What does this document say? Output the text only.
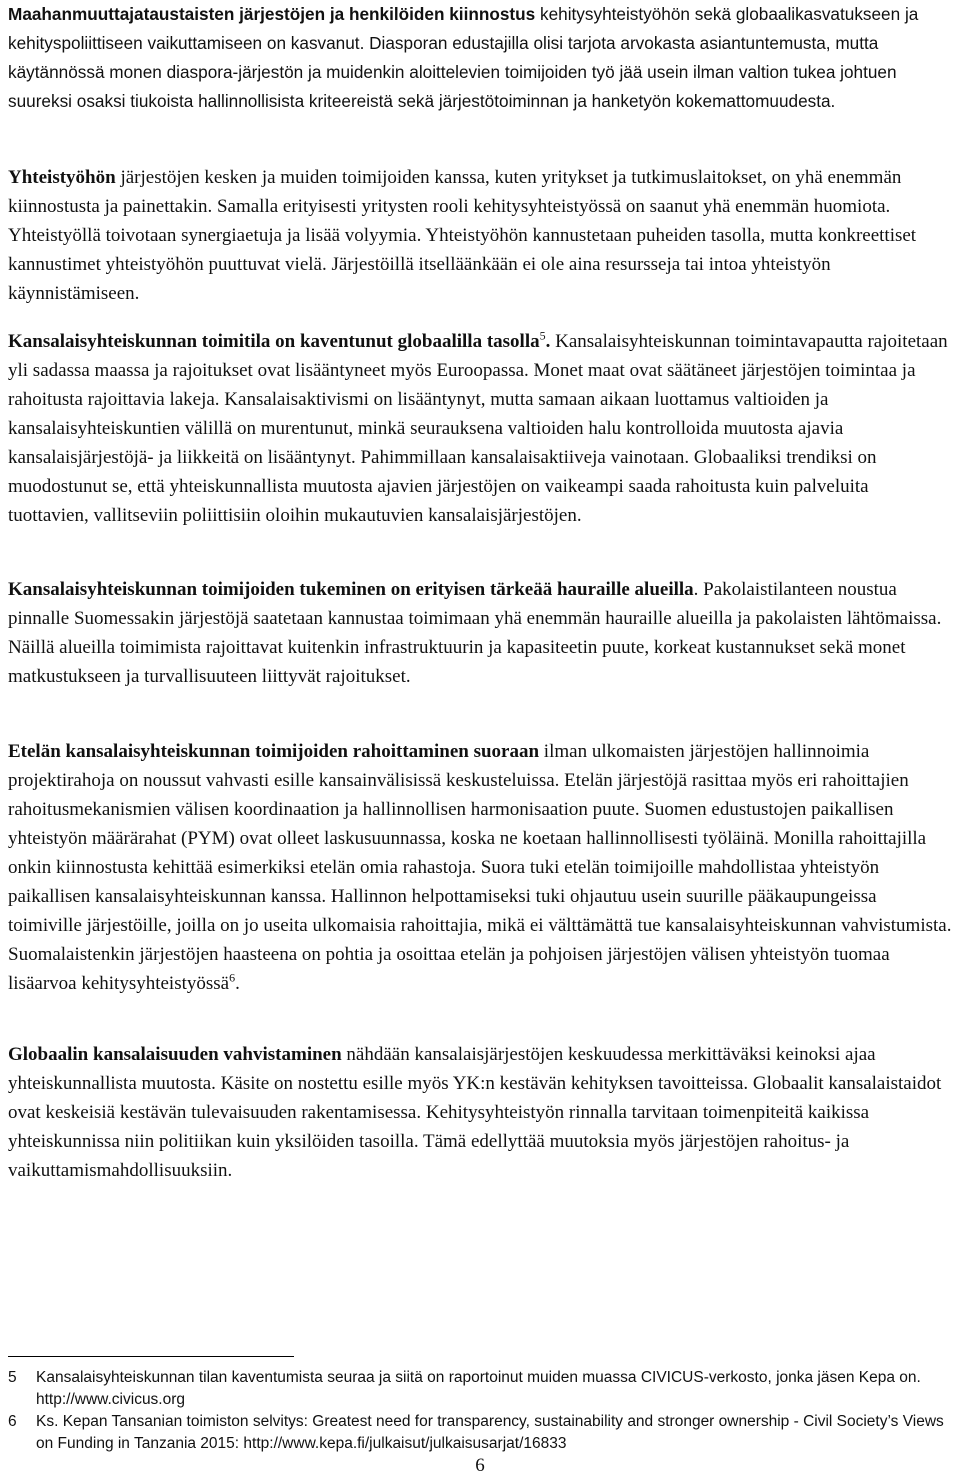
Maahanmuuttajataustaisten järjestöjen ja henkilöiden kiinnostus kehitysyhteistyöhön sekä globaalikasvatukseen ja kehityspoliittiseen vaikuttamiseen on kasvanut. Diasporan edustajilla olisi tarjota arvokasta asiantuntemusta, mutta käytännössä monen diaspora-järjestön ja muidenkin aloittelevien toimijoiden työ jää usein ilman valtion tukea johtuen suureksi osaksi tiukoista hallinnollisista kriteereistä sekä järjestötoiminnan ja hanketyön kokemattomuudesta.

Yhteistyöhön järjestöjen kesken ja muiden toimijoiden kanssa, kuten yritykset ja tutkimuslaitokset, on yhä enemmän kiinnostusta ja painettakin. Samalla erityisesti yritysten rooli kehitysyhteistyössä on saanut yhä enemmän huomiota. Yhteistyöllä toivotaan synergiaetuja ja lisää volyymia. Yhteistyöhön kannustetaan puheiden tasolla, mutta konkreettiset kannustimet yhteistyöhön puuttuvat vielä. Järjestöillä itselläänkään ei ole aina resursseja tai intoa yhteistyön käynnistämiseen.

Kansalaisyhteiskunnan toimitila on kaventunut globaalilla tasolla$^5$. Kansalaisyhteiskunnan toimintavapautta rajoitetaan yli sadassa maassa ja rajoitukset ovat lisääntyneet myös Euroopassa. Monet maat ovat säätäneet järjestöjen toimintaa ja rahoitusta rajoittavia lakeja. Kansalaisaktivismi on lisääntynyt, mutta samaan aikaan luottamus valtioiden ja kansalaisyhteiskuntien välillä on murentunut, minkä seurauksena valtioiden halu kontrolloida muutosta ajavia kansalaisjärjestöjä- ja liikkeitä on lisääntynyt. Pahimmillaan kansalaisaktiiveja vainotaan. Globaaliksi trendiksi on muodostunut se, että yhteiskunnallista muutosta ajavien järjestöjen on vaikeampi saada rahoitusta kuin palveluita tuottavien, vallitseviin poliittisiin oloihin mukautuvien kansalaisjärjestöjen.

Kansalaisyhteiskunnan toimijoiden tukeminen on erityisen tärkeää hauraille alueilla. Pakolaistilanteen noustua pinnalle Suomessakin järjestöjä saatetaan kannustaa toimimaan yhä enemmän hauraille alueilla ja pakolaisten lähtömaissa. Näillä alueilla toimimista rajoittavat kuitenkin infrastruktuurin ja kapasiteetin puute, korkeat kustannukset sekä monet matkustukseen ja turvallisuuteen liittyvät rajoitukset.

Etelän kansalaisyhteiskunnan toimijoiden rahoittaminen suoraan ilman ulkomaisten järjestöjen hallinnoimia projektirahoja on noussut vahvasti esille kansainvälisissä keskusteluissa. Etelän järjestöjä rasittaa myös eri rahoittajien rahoitusmekanismien välisen koordinaation ja hallinnollisen harmonisaation puute. Suomen edustustojen paikallisen yhteistyön määrärahat (PYM) ovat olleet laskusuunnassa, koska ne koetaan hallinnollisesti työläinä. Monilla rahoittajilla onkin kiinnostusta kehittää esimerkiksi etelän omia rahastoja. Suora tuki etelän toimijoille mahdollistaa yhteistyön paikallisen kansalaisyhteiskunnan kanssa. Hallinnon helpottamiseksi tuki ohjautuu usein suurille pääkaupungeissa toimiville järjestöille, joilla on jo useita ulkomaisia rahoittajia, mikä ei välttämättä tue kansalaisyhteiskunnan vahvistumista. Suomalaistenkin järjestöjen haasteena on pohtia ja osoittaa etelän ja pohjoisen järjestöjen välisen yhteistyön tuomaa lisäarvoa kehitysyhteistyössä$^6$.

Globaalin kansalaisuuden vahvistaminen nähdään kansalaisjärjestöjen keskuudessa merkittäväksi keinoksi ajaa yhteiskunnallista muutosta. Käsite on nostettu esille myös YK:n kestävän kehityksen tavoitteissa. Globaalit kansalaistaidot ovat keskeisiä kestävän tulevaisuuden rakentamisessa. Kehitysyhteistyön rinnalla tarvitaan toimenpiteitä kaikissa yhteiskunnissa niin politiikan kuin yksilöiden tasoilla. Tämä edellyttää muutoksia myös järjestöjen rahoitus- ja vaikuttamismahdollisuuksiin.

5 Kansalaisyhteiskunnan tilan kaventumista seuraa ja siitä on raportoinut muiden muassa CIVICUS-verkosto, jonka jäsen Kepa on. http://www.civicus.org
6 Ks. Kepan Tansanian toimiston selvitys: Greatest need for transparency, sustainability and stronger ownership - Civil Society’s Views on Funding in Tanzania 2015: http://www.kepa.fi/julkaisut/julkaisusarjat/16833
6
